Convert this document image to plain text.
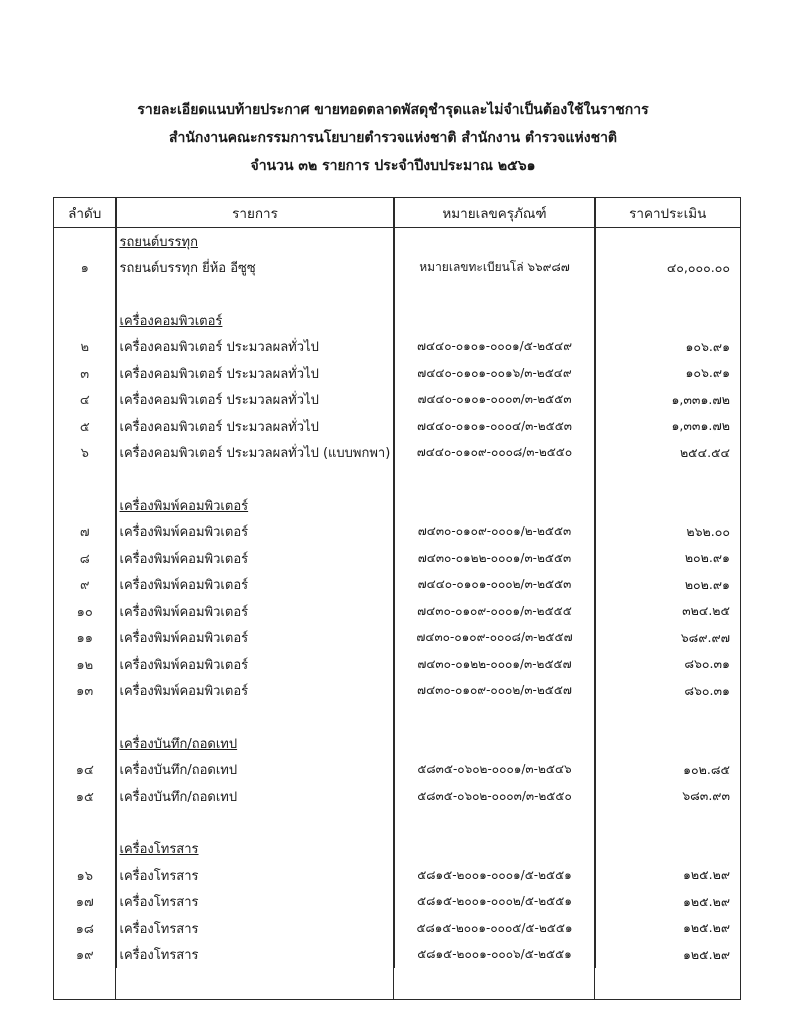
รายละเอียดแนบท้ายประกาศ ขายทอดตลาดพัสดุชำรุดและไม่จำเป็นต้องใช้ในราชการ

สำนักงานคณะกรรมการนโยบายตำรวจแห่งชาติ สำนักงาน ตำรวจแห่งชาติ

จำนวน ๓๒ รายการ ประจำปีงบประมาณ ๒๕๖๑

ลำดับ	รายการ	หมายเลขครุภัณฑ์	ราคาประเมิน
	รถยนต์บรรทุก		
๑	รถยนต์บรรทุก ยี่ห้อ อีซูซุ	หมายเลขทะเบียนโล่ ๖๖๙๘๗	๔๐,๐๐๐.๐๐

	เครื่องคอมพิวเตอร์		
๒	เครื่องคอมพิวเตอร์ ประมวลผลทั่วไป	๗๔๔๐-๐๑๐๑-๐๐๐๑/๕-๒๕๔๙	๑๐๖.๙๑
๓	เครื่องคอมพิวเตอร์ ประมวลผลทั่วไป	๗๔๔๐-๐๑๐๑-๐๐๑๖/๓-๒๕๔๙	๑๐๖.๙๑
๔	เครื่องคอมพิวเตอร์ ประมวลผลทั่วไป	๗๔๔๐-๐๑๐๑-๐๐๐๓/๓-๒๕๕๓	๑,๓๓๑.๗๒
๕	เครื่องคอมพิวเตอร์ ประมวลผลทั่วไป	๗๔๔๐-๐๑๐๑-๐๐๐๔/๓-๒๕๕๓	๑,๓๓๑.๗๒
๖	เครื่องคอมพิวเตอร์ ประมวลผลทั่วไป (แบบพกพา)	๗๔๔๐-๐๑๐๙-๐๐๐๘/๓-๒๕๕๐	๒๕๔.๕๔

	เครื่องพิมพ์คอมพิวเตอร์		
๗	เครื่องพิมพ์คอมพิวเตอร์	๗๔๓๐-๐๑๐๙-๐๐๐๑/๒-๒๕๕๓	๒๖๒.๐๐
๘	เครื่องพิมพ์คอมพิวเตอร์	๗๔๓๐-๐๑๒๒-๐๐๐๑/๓-๒๕๕๓	๒๐๒.๙๑
๙	เครื่องพิมพ์คอมพิวเตอร์	๗๔๔๐-๐๑๐๑-๐๐๐๒/๓-๒๕๕๓	๒๐๒.๙๑
๑๐	เครื่องพิมพ์คอมพิวเตอร์	๗๔๓๐-๐๑๐๙-๐๐๐๑/๓-๒๕๕๕	๓๒๔.๒๕
๑๑	เครื่องพิมพ์คอมพิวเตอร์	๗๔๓๐-๐๑๐๙-๐๐๐๘/๓-๒๕๕๗	๖๘๙.๙๗
๑๒	เครื่องพิมพ์คอมพิวเตอร์	๗๔๓๐-๐๑๒๒-๐๐๐๑/๓-๒๕๕๗	๘๖๐.๓๑
๑๓	เครื่องพิมพ์คอมพิวเตอร์	๗๔๓๐-๐๑๐๙-๐๐๐๒/๓-๒๕๕๗	๘๖๐.๓๑

	เครื่องบันทึก/ถอดเทป		
๑๔	เครื่องบันทึก/ถอดเทป	๕๘๓๕-๐๖๐๒-๐๐๐๑/๓-๒๕๔๖	๑๐๒.๘๕
๑๕	เครื่องบันทึก/ถอดเทป	๕๘๓๕-๐๖๐๒-๐๐๐๓/๓-๒๕๕๐	๖๘๓.๙๓

	เครื่องโทรสาร		
๑๖	เครื่องโทรสาร	๕๘๑๕-๒๐๐๑-๐๐๐๑/๕-๒๕๕๑	๑๒๕.๒๙
๑๗	เครื่องโทรสาร	๕๘๑๕-๒๐๐๑-๐๐๐๒/๕-๒๕๕๑	๑๒๕.๒๙
๑๘	เครื่องโทรสาร	๕๘๑๕-๒๐๐๑-๐๐๐๕/๕-๒๕๕๑	๑๒๕.๒๙
๑๙	เครื่องโทรสาร	๕๘๑๕-๒๐๐๑-๐๐๐๖/๕-๒๕๕๑	๑๒๕.๒๙
